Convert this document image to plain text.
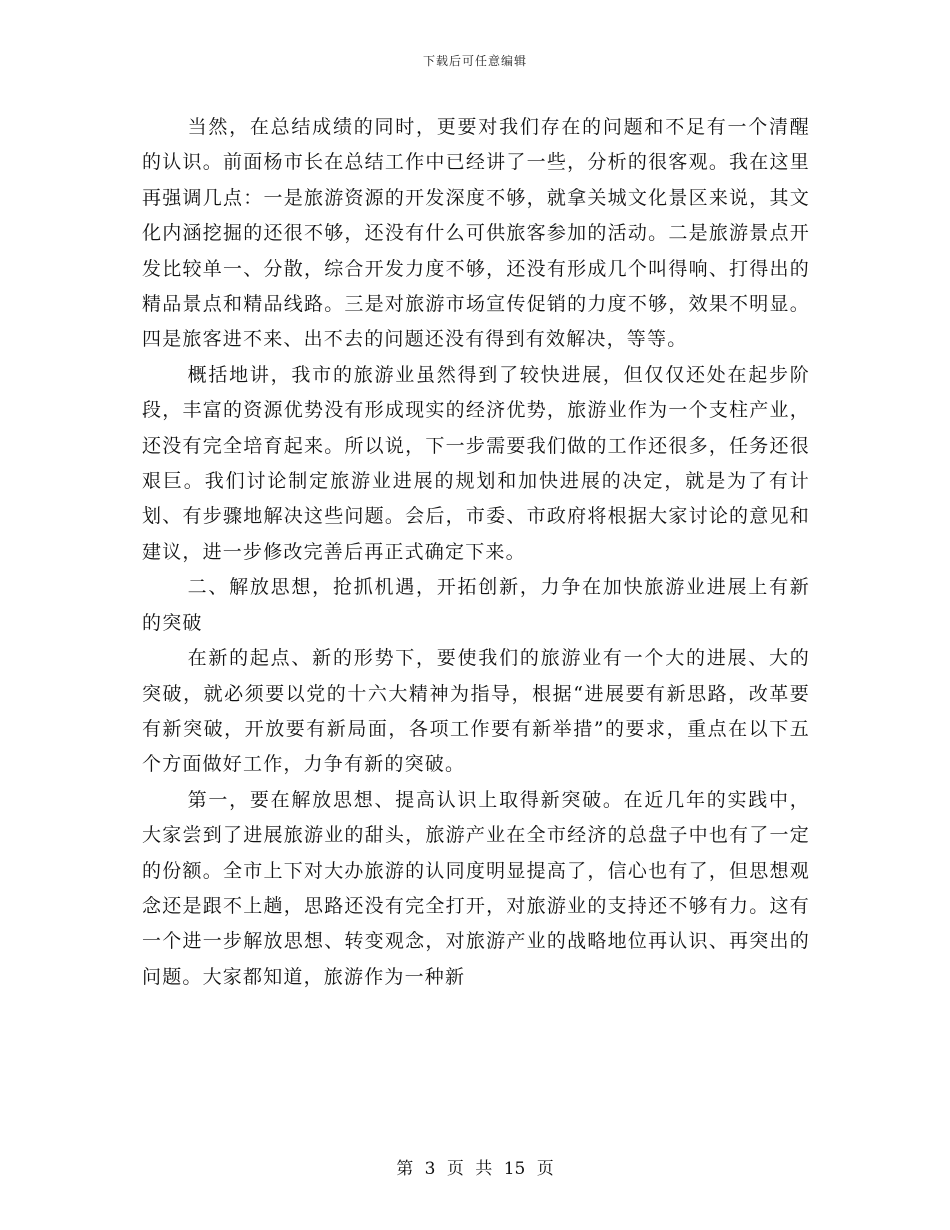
下载后可任意编辑

当然，在总结成绩的同时，更要对我们存在的问题和不足有一个清醒的认识。前面杨市长在总结工作中已经讲了一些，分析的很客观。我在这里再强调几点：一是旅游资源的开发深度不够，就拿关城文化景区来说，其文化内涵挖掘的还很不够，还没有什么可供旅客参加的活动。二是旅游景点开发比较单一、分散，综合开发力度不够，还没有形成几个叫得响、打得出的精品景点和精品线路。三是对旅游市场宣传促销的力度不够，效果不明显。四是旅客进不来、出不去的问题还没有得到有效解决，等等。

概括地讲，我市的旅游业虽然得到了较快进展，但仅仅还处在起步阶段，丰富的资源优势没有形成现实的经济优势，旅游业作为一个支柱产业，还没有完全培育起来。所以说，下一步需要我们做的工作还很多，任务还很艰巨。我们讨论制定旅游业进展的规划和加快进展的决定，就是为了有计划、有步骤地解决这些问题。会后，市委、市政府将根据大家讨论的意见和建议，进一步修改完善后再正式确定下来。

二、解放思想，抢抓机遇，开拓创新，力争在加快旅游业进展上有新的突破

在新的起点、新的形势下，要使我们的旅游业有一个大的进展、大的突破，就必须要以党的十六大精神为指导，根据“进展要有新思路，改革要有新突破，开放要有新局面，各项工作要有新举措”的要求，重点在以下五个方面做好工作，力争有新的突破。

第一，要在解放思想、提高认识上取得新突破。在近几年的实践中，大家尝到了进展旅游业的甜头，旅游产业在全市经济的总盘子中也有了一定的份额。全市上下对大办旅游的认同度明显提高了，信心也有了，但思想观念还是跟不上趟，思路还没有完全打开，对旅游业的支持还不够有力。这有一个进一步解放思想、转变观念，对旅游产业的战略地位再认识、再突出的问题。大家都知道，旅游作为一种新

第 3 页 共 15 页
